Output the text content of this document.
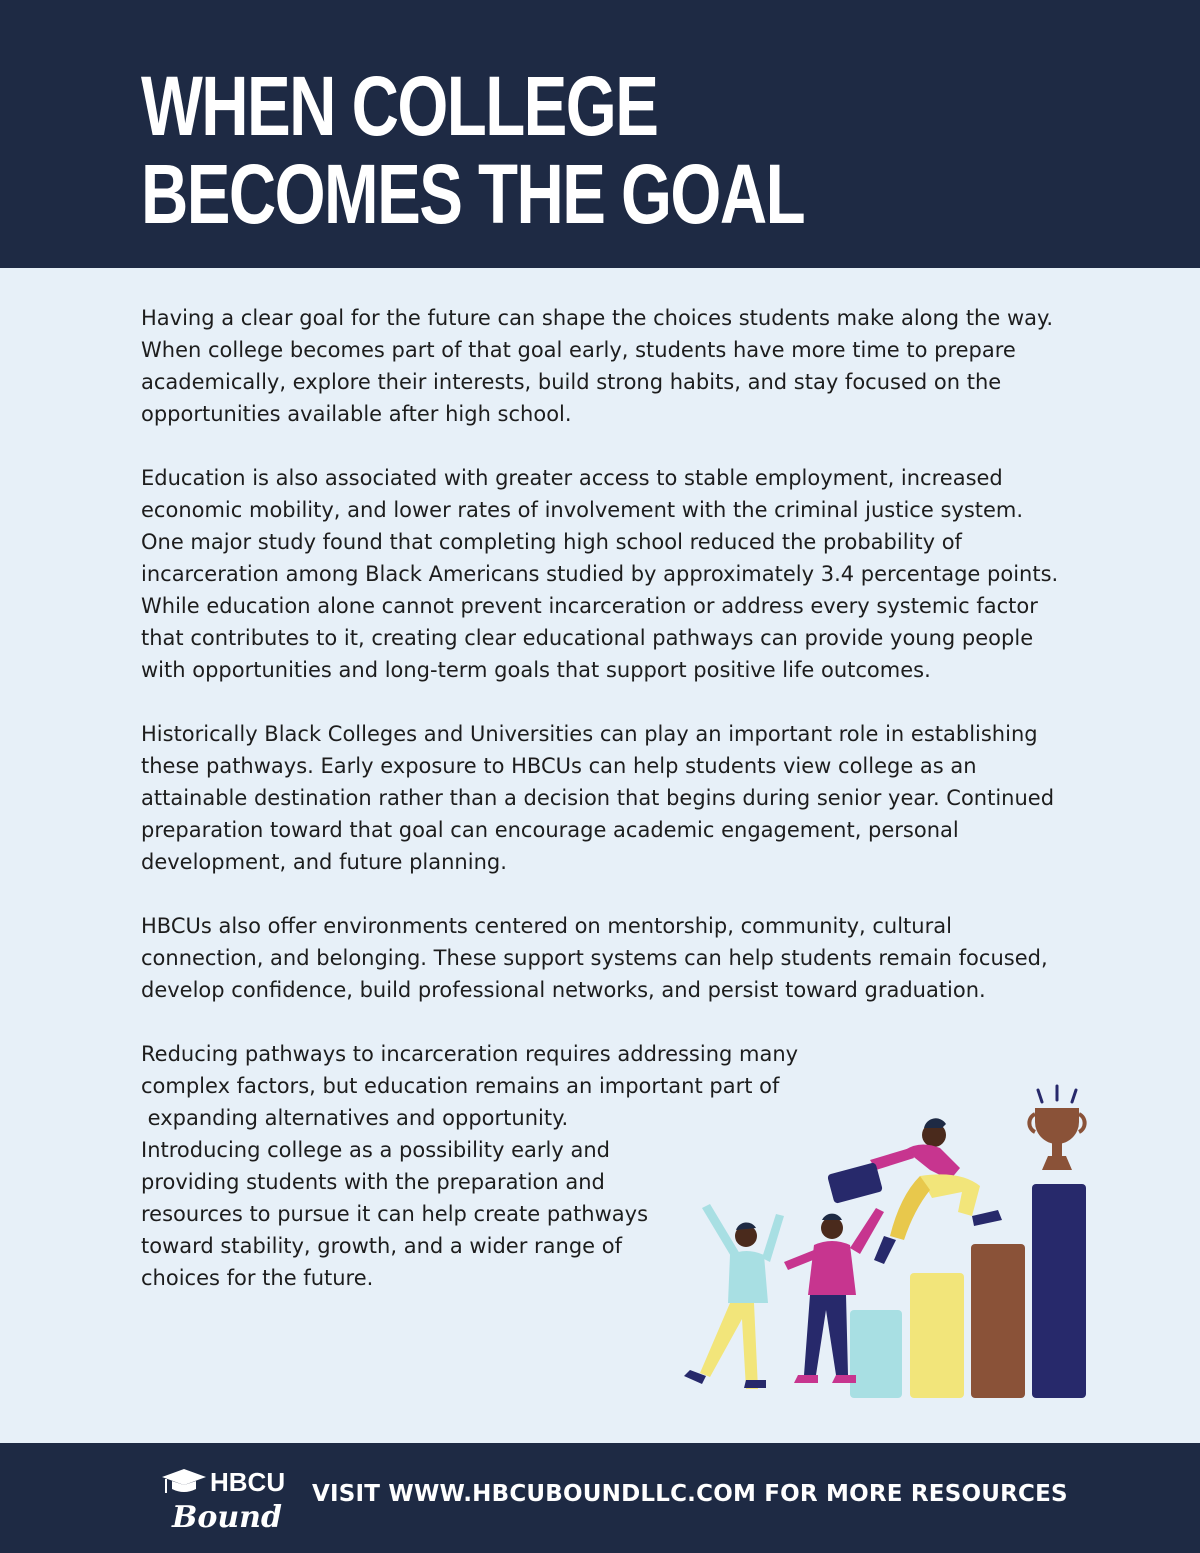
WHEN COLLEGE
BECOMES THE GOAL

Having a clear goal for the future can shape the choices students make along the way. When college becomes part of that goal early, students have more time to prepare academically, explore their interests, build strong habits, and stay focused on the opportunities available after high school.

Education is also associated with greater access to stable employment, increased economic mobility, and lower rates of involvement with the criminal justice system. One major study found that completing high school reduced the probability of incarceration among Black Americans studied by approximately 3.4 percentage points. While education alone cannot prevent incarceration or address every systemic factor that contributes to it, creating clear educational pathways can provide young people with opportunities and long-term goals that support positive life outcomes.

Historically Black Colleges and Universities can play an important role in establishing these pathways. Early exposure to HBCUs can help students view college as an attainable destination rather than a decision that begins during senior year. Continued preparation toward that goal can encourage academic engagement, personal development, and future planning.

HBCUs also offer environments centered on mentorship, community, cultural connection, and belonging. These support systems can help students remain focused, develop confidence, build professional networks, and persist toward graduation.

Reducing pathways to incarceration requires addressing many
complex factors, but education remains an important part of
expanding alternatives and opportunity.
Introducing college as a possibility early and
providing students with the preparation and
resources to pursue it can help create pathways
toward stability, growth, and a wider range of
choices for the future.

HBCU
Bound
VISIT WWW.HBCUBOUNDLLC.COM FOR MORE RESOURCES
